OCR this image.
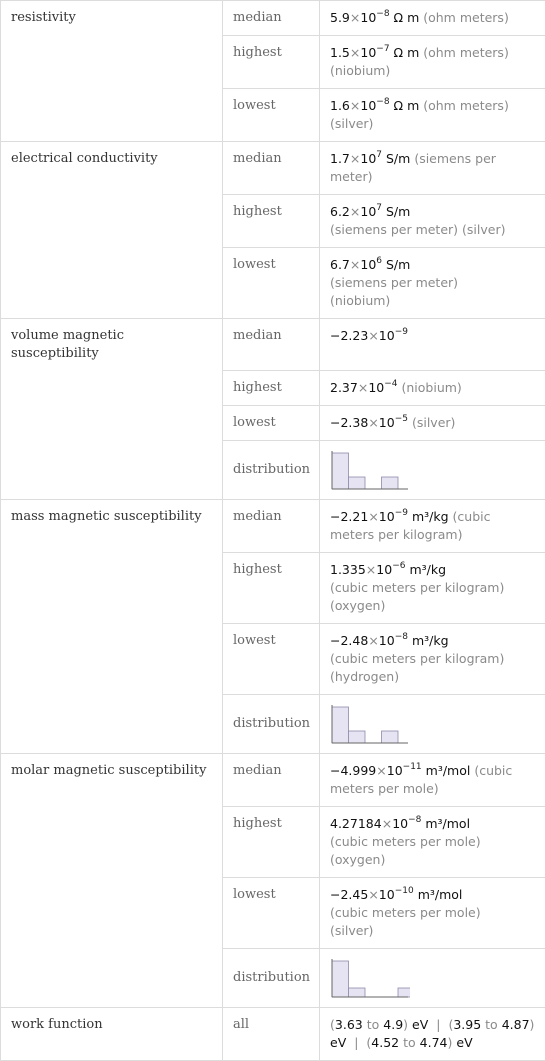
resistivity	median	$5.9\times 10^{-8}$ Ω m (ohm meters)
	highest	$1.5\times 10^{-7}$ Ω m (ohm meters)
(niobium)
	lowest	$1.6\times 10^{-8}$ Ω m (ohm meters)
(silver)
electrical conductivity	median	$1.7\times 10^7$ S/m (siemens per meter)
	highest	$6.2\times 10^7$ S/m
(siemens per meter) (silver)
	lowest	$6.7\times 10^6$ S/m
(siemens per meter)
(niobium)
volume magnetic susceptibility	median	$-2.23\times 10^{-9}$
	highest	$2.37\times 10^{-4}$ (niobium)
	lowest	$-2.38\times 10^{-5}$ (silver)
	distribution	

mass magnetic susceptibility	median	$-2.21\times 10^{-9}$ m³/kg (cubic meters per kilogram)
	highest	$1.335\times 10^{-6}$ m³/kg
(cubic meters per kilogram)
(oxygen)
	lowest	$-2.48\times 10^{-8}$ m³/kg
(cubic meters per kilogram)
(hydrogen)
	distribution	

molar magnetic susceptibility	median	$-4.999\times 10^{-11}$ m³/mol (cubic meters per mole)
	highest	$4.27184\times 10^{-8}$ m³/mol
(cubic meters per mole)
(oxygen)
	lowest	$-2.45\times 10^{-10}$ m³/mol
(cubic meters per mole)
(silver)
	distribution	

work function	all	(3.63 to 4.9) eV | (3.95 to 4.87) eV | (4.52 to 4.74) eV
